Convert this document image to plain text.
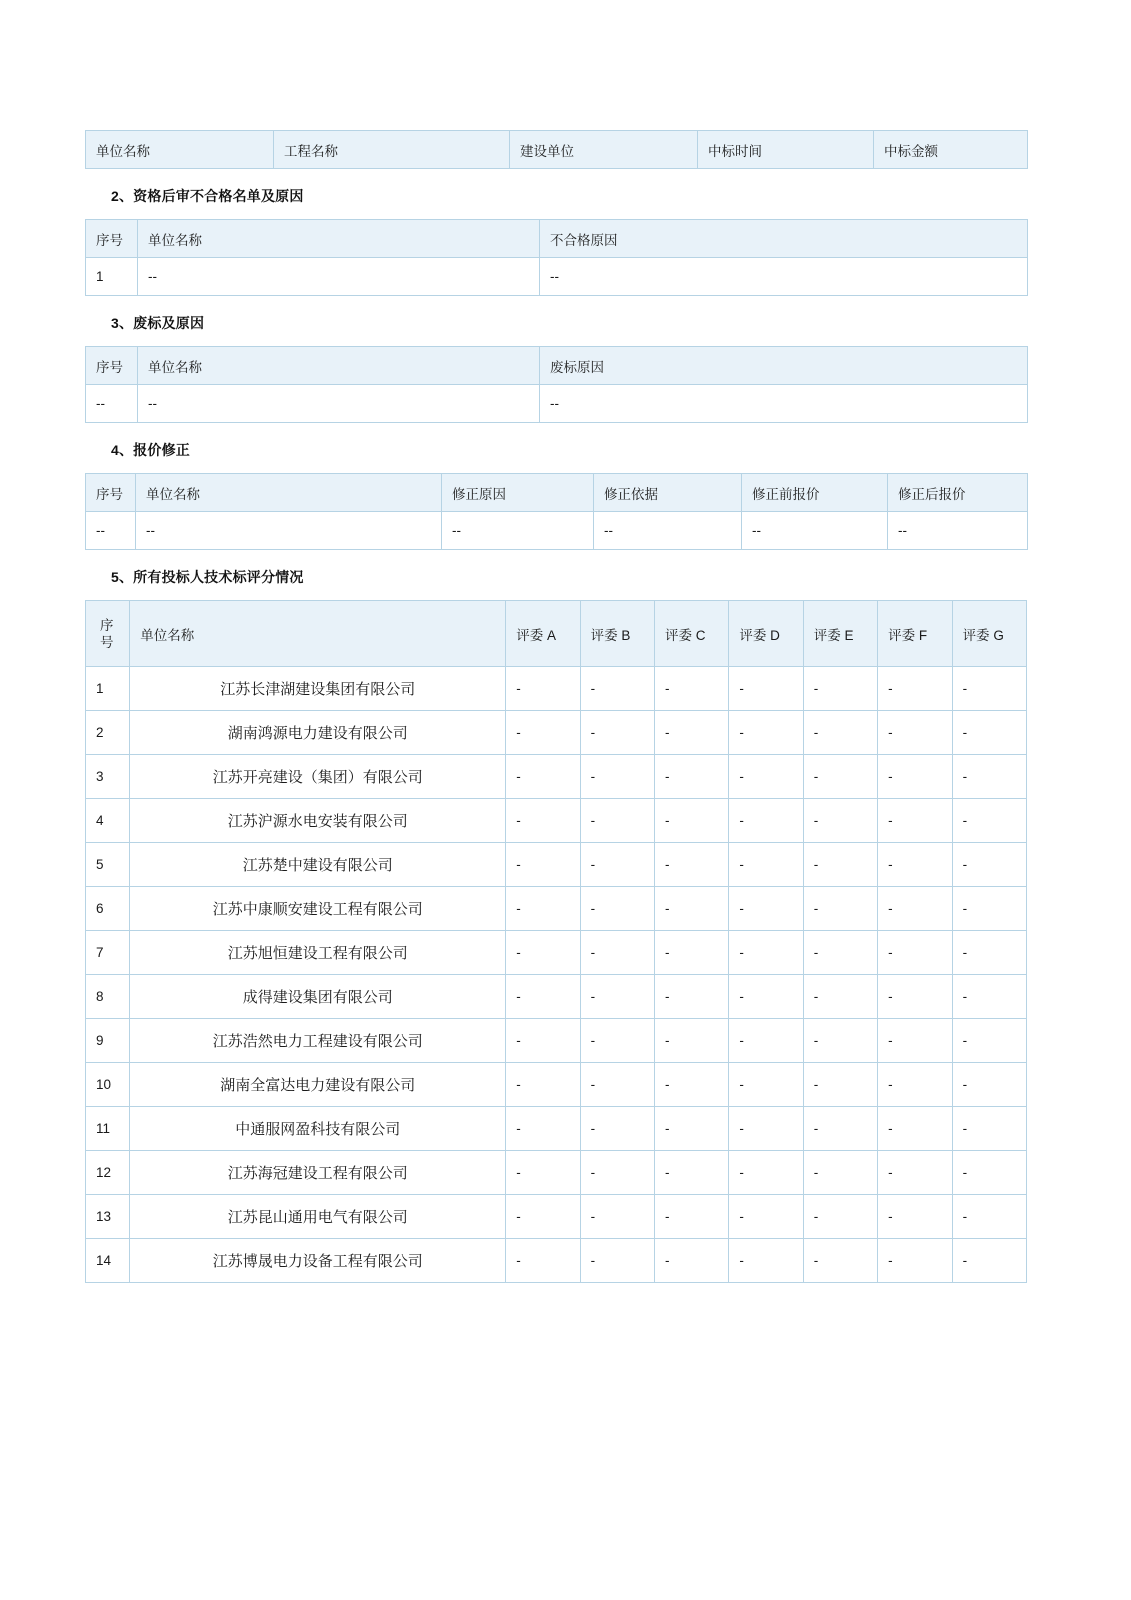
单位名称	工程名称	建设单位	中标时间	中标金额
2、资格后审不合格名单及原因
序号	单位名称	不合格原因
1	--	--
3、废标及原因
序号	单位名称	废标原因
--	--	--
4、报价修正
序号	单位名称	修正原因	修正依据	修正前报价	修正后报价
--	--	--	--	--	--
5、所有投标人技术标评分情况
序 号	单位名称	评委 A	评委 B	评委 C	评委 D	评委 E	评委 F	评委 G
1	江苏长津湖建设集团有限公司	-	-	-	-	-	-	-
2	湖南鸿源电力建设有限公司	-	-	-	-	-	-	-
3	江苏开亮建设（集团）有限公司	-	-	-	-	-	-	-
4	江苏沪源水电安装有限公司	-	-	-	-	-	-	-
5	江苏楚中建设有限公司	-	-	-	-	-	-	-
6	江苏中康顺安建设工程有限公司	-	-	-	-	-	-	-
7	江苏旭恒建设工程有限公司	-	-	-	-	-	-	-
8	成得建设集团有限公司	-	-	-	-	-	-	-
9	江苏浩然电力工程建设有限公司	-	-	-	-	-	-	-
10	湖南全富达电力建设有限公司	-	-	-	-	-	-	-
11	中通服网盈科技有限公司	-	-	-	-	-	-	-
12	江苏海冠建设工程有限公司	-	-	-	-	-	-	-
13	江苏昆山通用电气有限公司	-	-	-	-	-	-	-
14	江苏博晟电力设备工程有限公司	-	-	-	-	-	-	-
